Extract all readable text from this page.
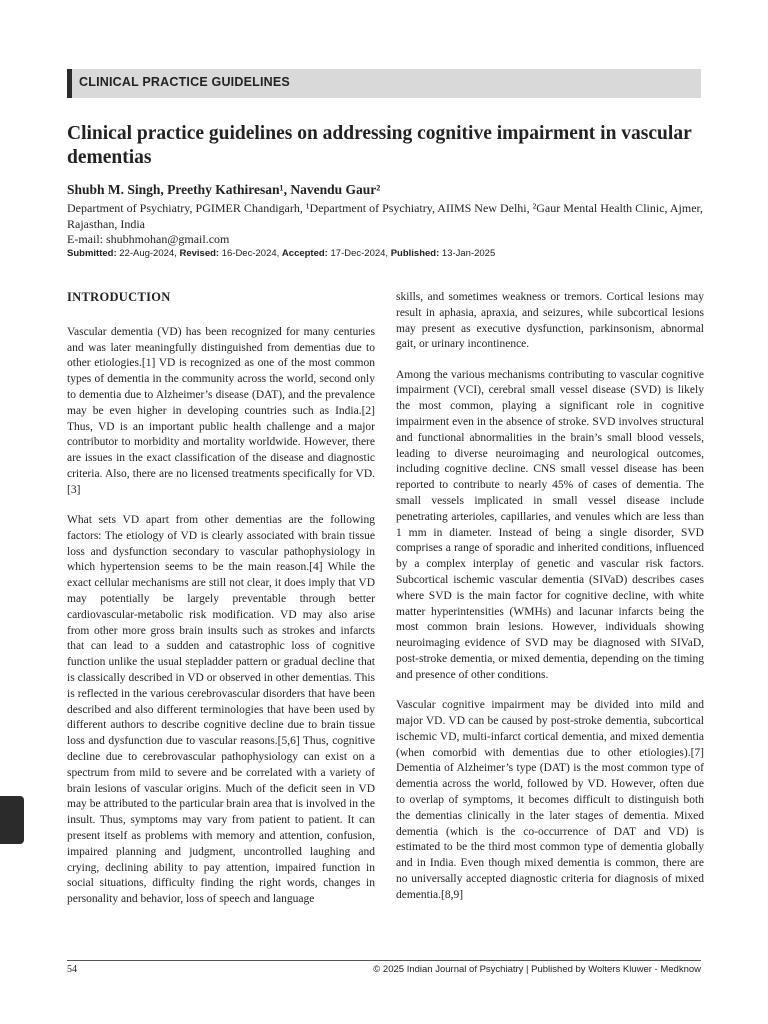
CLINICAL PRACTICE GUIDELINES
Clinical practice guidelines on addressing cognitive impairment in vascular dementias
Shubh M. Singh, Preethy Kathiresan¹, Navendu Gaur²
Department of Psychiatry, PGIMER Chandigarh, ¹Department of Psychiatry, AIIMS New Delhi, ²Gaur Mental Health Clinic, Ajmer, Rajasthan, India
E-mail: shubhmohan@gmail.com
Submitted: 22-Aug-2024, Revised: 16-Dec-2024, Accepted: 17-Dec-2024, Published: 13-Jan-2025
INTRODUCTION

Vascular dementia (VD) has been recognized for many centuries and was later meaningfully distinguished from dementias due to other etiologies.[1] VD is recognized as one of the most common types of dementia in the community across the world, second only to dementia due to Alzheimer’s disease (DAT), and the prevalence may be even higher in developing countries such as India.[2] Thus, VD is an important public health challenge and a major contributor to morbidity and mortality worldwide. However, there are issues in the exact classification of the disease and diagnostic criteria. Also, there are no licensed treatments specifically for VD.[3]

What sets VD apart from other dementias are the following factors: The etiology of VD is clearly associated with brain tissue loss and dysfunction secondary to vascular pathophysiology in which hypertension seems to be the main reason.[4] While the exact cellular mechanisms are still not clear, it does imply that VD may potentially be largely preventable through better cardiovascular-metabolic risk modification. VD may also arise from other more gross brain insults such as strokes and infarcts that can lead to a sudden and catastrophic loss of cognitive function unlike the usual stepladder pattern or gradual decline that is classically described in VD or observed in other dementias. This is reflected in the various cerebrovascular disorders that have been described and also different terminologies that have been used by different authors to describe cognitive decline due to brain tissue loss and dysfunction due to vascular reasons.[5,6] Thus, cognitive decline due to cerebrovascular pathophysiology can exist on a spectrum from mild to severe and be correlated with a variety of brain lesions of vascular origins. Much of the deficit seen in VD may be attributed to the particular brain area that is involved in the insult. Thus, symptoms may vary from patient to patient. It can present itself as problems with memory and attention, confusion, impaired planning and judgment, uncontrolled laughing and crying, declining ability to pay attention, impaired function in social situations, difficulty finding the right words, changes in personality and behavior, loss of speech and language

skills, and sometimes weakness or tremors. Cortical lesions may result in aphasia, apraxia, and seizures, while subcortical lesions may present as executive dysfunction, parkinsonism, abnormal gait, or urinary incontinence.

Among the various mechanisms contributing to vascular cognitive impairment (VCI), cerebral small vessel disease (SVD) is likely the most common, playing a significant role in cognitive impairment even in the absence of stroke. SVD involves structural and functional abnormalities in the brain’s small blood vessels, leading to diverse neuroimaging and neurological outcomes, including cognitive decline. CNS small vessel disease has been reported to contribute to nearly 45% of cases of dementia. The small vessels implicated in small vessel disease include penetrating arterioles, capillaries, and venules which are less than 1 mm in diameter. Instead of being a single disorder, SVD comprises a range of sporadic and inherited conditions, influenced by a complex interplay of genetic and vascular risk factors. Subcortical ischemic vascular dementia (SIVaD) describes cases where SVD is the main factor for cognitive decline, with white matter hyperintensities (WMHs) and lacunar infarcts being the most common brain lesions. However, individuals showing neuroimaging evidence of SVD may be diagnosed with SIVaD, post-stroke dementia, or mixed dementia, depending on the timing and presence of other conditions.

Vascular cognitive impairment may be divided into mild and major VD. VD can be caused by post-stroke dementia, subcortical ischemic VD, multi-infarct cortical dementia, and mixed dementia (when comorbid with dementias due to other etiologies).[7] Dementia of Alzheimer’s type (DAT) is the most common type of dementia across the world, followed by VD. However, often due to overlap of symptoms, it becomes difficult to distinguish both the dementias clinically in the later stages of dementia. Mixed dementia (which is the co-occurrence of DAT and VD) is estimated to be the third most common type of dementia globally and in India. Even though mixed dementia is common, there are no universally accepted diagnostic criteria for diagnosis of mixed dementia.[8,9]

54	© 2025 Indian Journal of Psychiatry | Published by Wolters Kluwer - Medknow
